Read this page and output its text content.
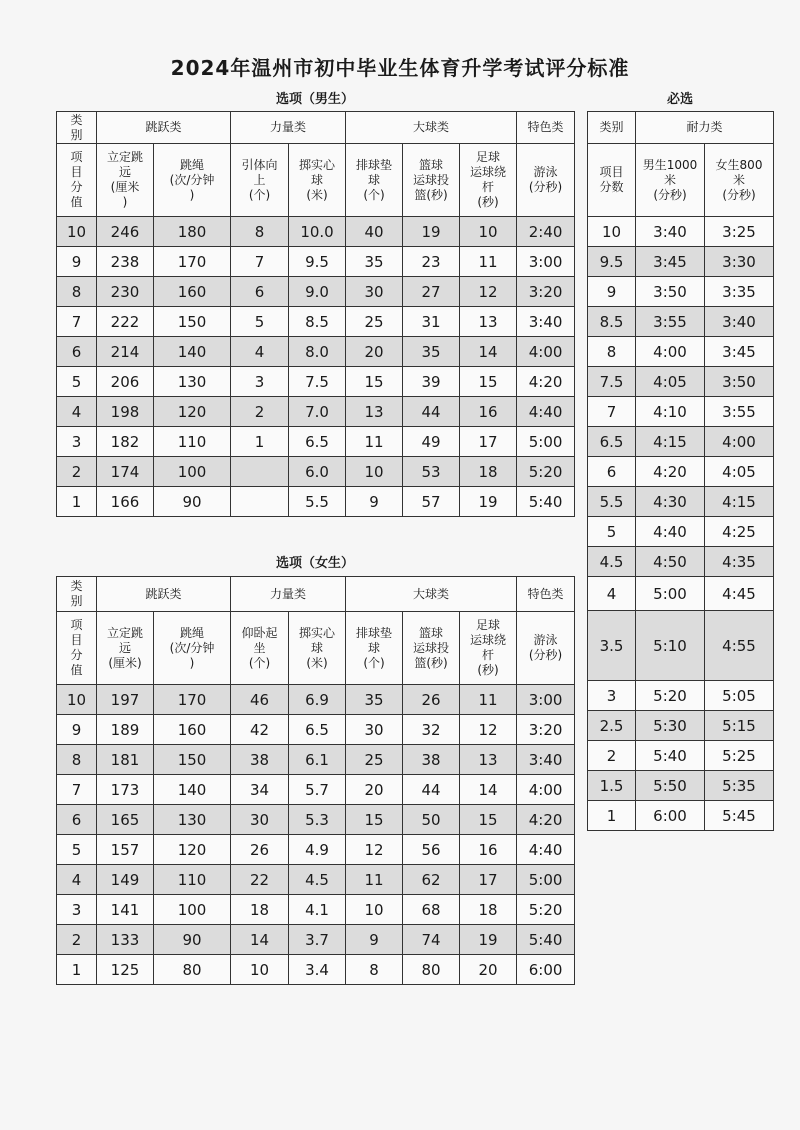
2024年温州市初中毕业生体育升学考试评分标准
选项（男生）
选项（女生）
必选
类
别	跳跃类		力量类		大球类			特色类
项
目
分
值	立定跳
远
(厘米
)	跳绳
(次/分钟
)	引体向
上
(个)	掷实心
球
(米)	排球垫
球
(个)	篮球
运球投
篮(秒)	足球
运球绕
杆
(秒)	游泳
(分秒)
10	246	180	8	10.0	40	19	10	2:40
9	238	170	7	9.5	35	23	11	3:00
8	230	160	6	9.0	30	27	12	3:20
7	222	150	5	8.5	25	31	13	3:40
6	214	140	4	8.0	20	35	14	4:00
5	206	130	3	7.5	15	39	15	4:20
4	198	120	2	7.0	13	44	16	4:40
3	182	110	1	6.5	11	49	17	5:00
2	174	100		6.0	10	53	18	5:20
1	166	90		5.5	9	57	19	5:40
类
别	跳跃类		力量类		大球类			特色类
项
目
分
值	立定跳
远
(厘米)	跳绳
(次/分钟
)	仰卧起
坐
(个)	掷实心
球
(米)	排球垫
球
(个)	篮球
运球投
篮(秒)	足球
运球绕
杆
(秒)	游泳
(分秒)
10	197	170	46	6.9	35	26	11	3:00
9	189	160	42	6.5	30	32	12	3:20
8	181	150	38	6.1	25	38	13	3:40
7	173	140	34	5.7	20	44	14	4:00
6	165	130	30	5.3	15	50	15	4:20
5	157	120	26	4.9	12	56	16	4:40
4	149	110	22	4.5	11	62	17	5:00
3	141	100	18	4.1	10	68	18	5:20
2	133	90	14	3.7	9	74	19	5:40
1	125	80	10	3.4	8	80	20	6:00
类别	耐力类	
项目
分数	男生1000
米
(分秒)	女生800
米
(分秒)
10	3:40	3:25
9.5	3:45	3:30
9	3:50	3:35
8.5	3:55	3:40
8	4:00	3:45
7.5	4:05	3:50
7	4:10	3:55
6.5	4:15	4:00
6	4:20	4:05
5.5	4:30	4:15
5	4:40	4:25
4.5	4:50	4:35
4	5:00	4:45
3.5	5:10	4:55
3	5:20	5:05
2.5	5:30	5:15
2	5:40	5:25
1.5	5:50	5:35
1	6:00	5:45
